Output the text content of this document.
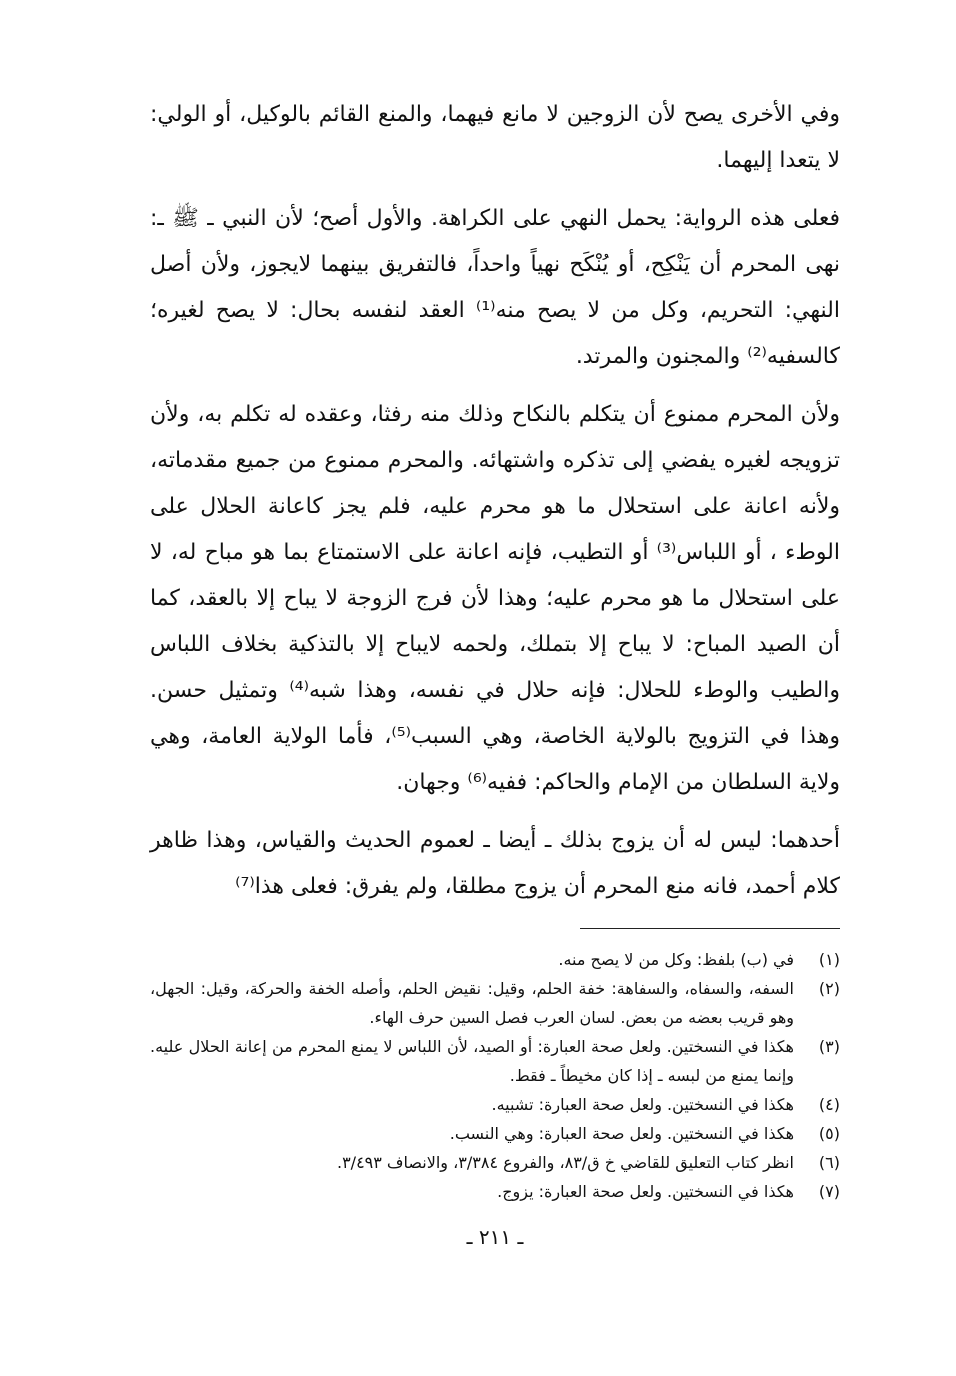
وفي الأخرى يصح لأن الزوجين لا مانع فيهما، والمنع القائم بالوكيل، أو الولي: لا يتعدا إليهما.

فعلى هذه الرواية: يحمل النهي على الكراهة. والأول أصح؛ لأن النبي ـ ﷺ ـ: نهى المحرم أن يَنْكِح، أو يُنْكَح نهياً واحداً، فالتفريق بينهما لايجوز، ولأن أصل النهي: التحريم، وكل من لا يصح منه⁽¹⁾ العقد لنفسه بحال: لا يصح لغيره؛ كالسفيه⁽²⁾ والمجنون والمرتد.

ولأن المحرم ممنوع أن يتكلم بالنكاح وذلك منه رفثا، وعقده له تكلم به، ولأن تزويجه لغيره يفضي إلى تذكره واشتهائه. والمحرم ممنوع من جميع مقدماته، ولأنه اعانة على استحلال ما هو محرم عليه، فلم يجز كاعانة الحلال على الوطء ، أو اللباس⁽³⁾ أو التطيب، فإنه اعانة على الاستمتاع بما هو مباح له، لا على استحلال ما هو محرم عليه؛ وهذا لأن فرج الزوجة لا يباح إلا بالعقد، كما أن الصيد المباح: لا يباح إلا بتملك، ولحمه لايباح إلا بالتذكية بخلاف اللباس والطيب والوطء للحلال: فإنه حلال في نفسه، وهذا شبه⁽⁴⁾ وتمثيل حسن. وهذا في التزويج بالولاية الخاصة، وهي السبب⁽⁵⁾، فأما الولاية العامة، وهي ولاية السلطان من الإمام والحاكم: ففيه⁽⁶⁾ وجهان.

أحدهما: ليس له أن يزوج بذلك ـ أيضا ـ لعموم الحديث والقياس، وهذا ظاهر كلام أحمد، فانه منع المحرم أن يزوج مطلقا، ولم يفرق: فعلى هذا⁽⁷⁾

(١)
في (ب) بلفظ: وكل من لا يصح منه.
(٢)
السفه، والسفاه، والسفاهة: خفة الحلم، وقيل: نقيض الحلم، وأصله الخفة والحركة، وقيل: الجهل، وهو قريب بعضه من بعض. لسان العرب فصل السين حرف الهاء.
(٣)
هكذا في النسختين. ولعل صحة العبارة: أو الصيد، لأن اللباس لا يمنع المحرم من إعانة الحلال عليه. وإنما يمنع من لبسه ـ إذا كان مخيطاً ـ فقط.
(٤)
هكذا في النسختين. ولعل صحة العبارة: تشبيه.
(٥)
هكذا في النسختين. ولعل صحة العبارة: وهي النسب.
(٦)
انظر كتاب التعليق للقاضي خ ق/٨٣، والفروع ٣/٣٨٤، والانصاف ٣/٤٩٣.
(٧)
هكذا في النسختين. ولعل صحة العبارة: يزوج.
ـ ٢١١ ـ
